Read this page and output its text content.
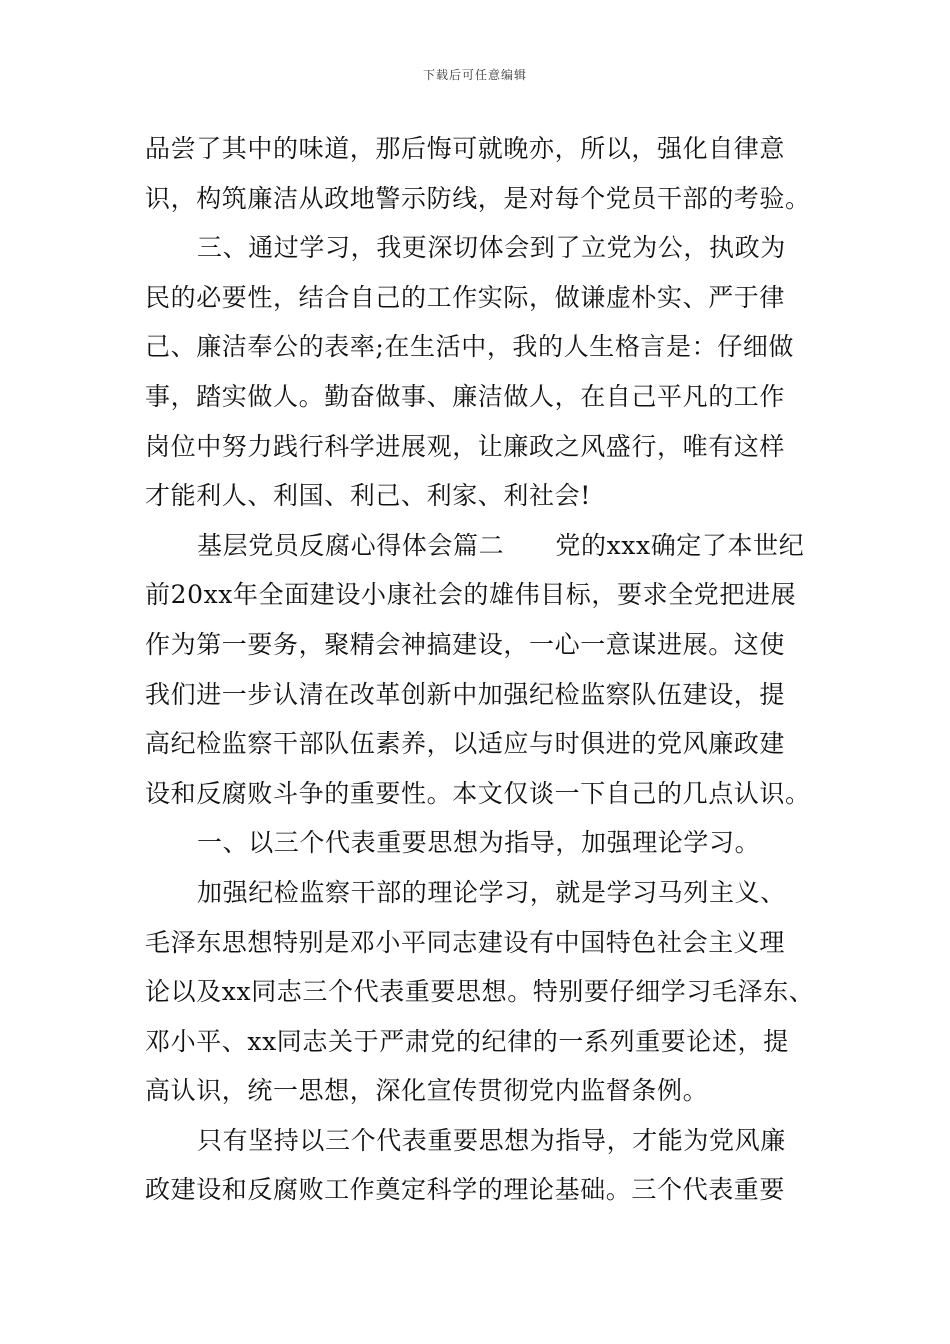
下载后可任意编辑
品尝了其中的味道，那后悔可就晚亦，所以，强化自律意
识，构筑廉洁从政地警示防线，是对每个党员干部的考验。
三、通过学习，我更深切体会到了立党为公，执政为
民的必要性，结合自己的工作实际，做谦虚朴实、严于律
己、廉洁奉公的表率;在生活中，我的人生格言是：仔细做
事，踏实做人。勤奋做事、廉洁做人，在自己平凡的工作
岗位中努力践行科学进展观，让廉政之风盛行，唯有这样
才能利人、利国、利己、利家、利社会!
基层党员反腐心得体会篇二　　党的xxx确定了本世纪
前20xx年全面建设小康社会的雄伟目标，要求全党把进展
作为第一要务，聚精会神搞建设，一心一意谋进展。这使
我们进一步认清在改革创新中加强纪检监察队伍建设，提
高纪检监察干部队伍素养，以适应与时俱进的党风廉政建
设和反腐败斗争的重要性。本文仅谈一下自己的几点认识。
一、以三个代表重要思想为指导，加强理论学习。
加强纪检监察干部的理论学习，就是学习马列主义、
毛泽东思想特别是邓小平同志建设有中国特色社会主义理
论以及xx同志三个代表重要思想。特别要仔细学习毛泽东、
邓小平、xx同志关于严肃党的纪律的一系列重要论述，提
高认识，统一思想，深化宣传贯彻党内监督条例。
只有坚持以三个代表重要思想为指导，才能为党风廉
政建设和反腐败工作奠定科学的理论基础。三个代表重要
